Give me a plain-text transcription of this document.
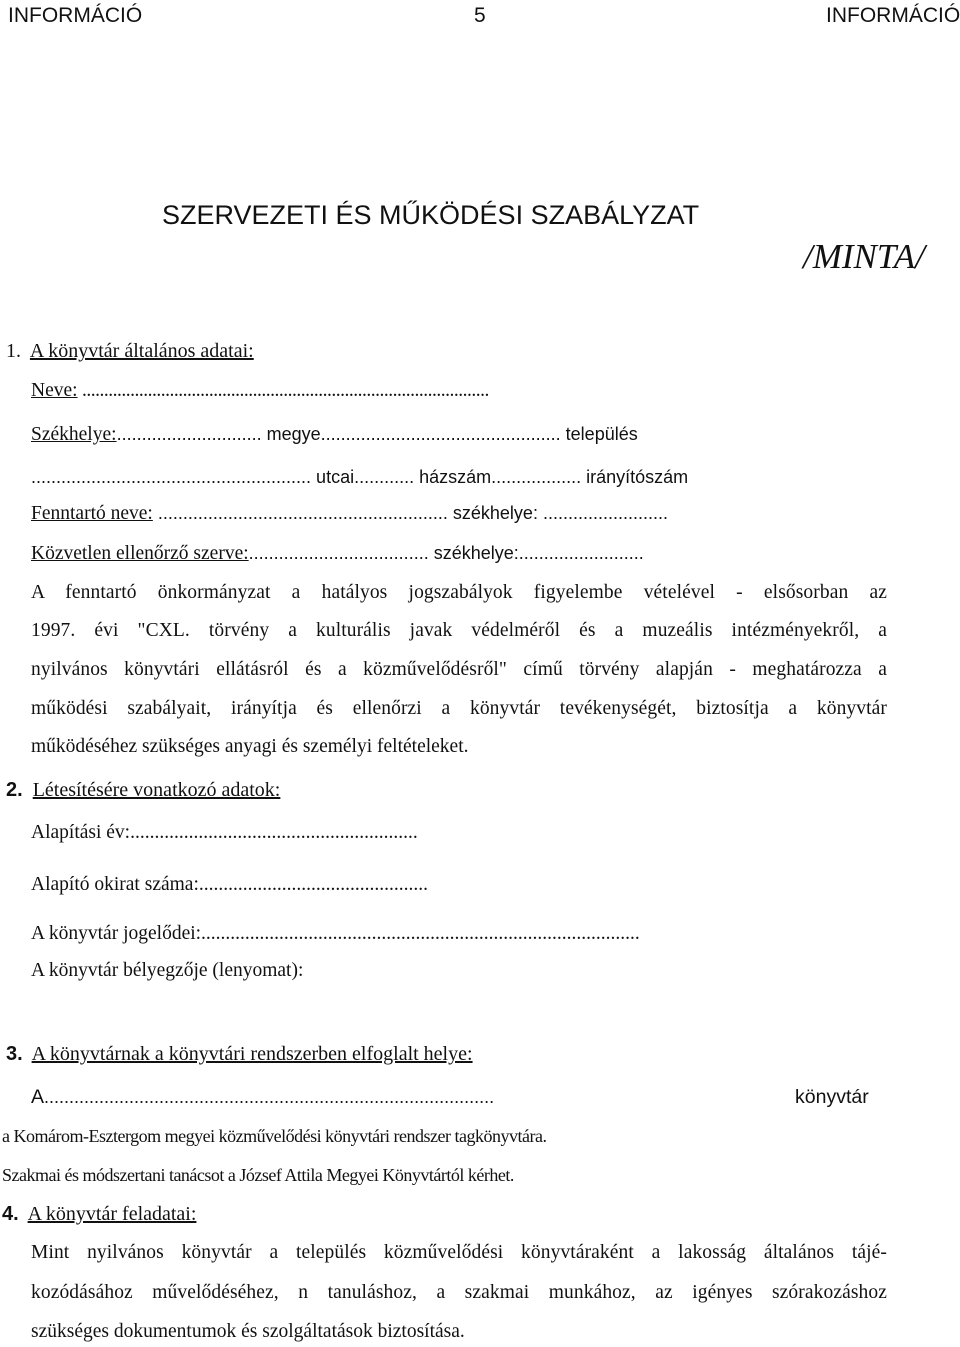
INFORMÁCIÓ	5	INFORMÁCIÓ
SZERVEZETI ÉS MŰKÖDÉSI SZABÁLYZAT
/MINTA/
1. A könyvtár általános adatai:
Neve: .............................................................................................
Székhelye:............................. megye................................................ település
........................................................ utcai............ házszám.................. irányítószám
Fenntartó neve: .......................................................... székhelye: .........................
Közvetlen ellenőrző szerve:.................................... székhelye:.........................
A fenntartó önkormányzat a hatályos jogszabályok figyelembe vételével - elsősorban az
1997. évi "CXL. törvény a kulturális javak védelméről és a muzeális intézményekről, a
nyilvános könyvtári ellátásról és a közművelődésről" című törvény alapján - meghatározza a
működési szabályait, irányítja és ellenőrzi a könyvtár tevékenységét, biztosítja a könyvtár
működéséhez szükséges anyagi és személyi feltételeket.
2. Létesítésére vonatkozó adatok:
Alapítási év:...........................................................
Alapító okirat száma:...............................................
A könyvtár jogelődei:..........................................................................................
A könyvtár bélyegzője (lenyomat):
3. A könyvtárnak a könyvtári rendszerben elfoglalt helye:
A..........................................................................................	könyvtár
a Komárom-Esztergom megyei közművelődési könyvtári rendszer tagkönyvtára.
Szakmai és módszertani tanácsot a József Attila Megyei Könyvtártól kérhet.
4. A könyvtár feladatai:
Mint nyilvános könyvtár a település közművelődési könyvtáraként a lakosság általános tájé-
kozódásához művelődéséhez, n tanuláshoz, a szakmai munkához, az igényes szórakozáshoz
szükséges dokumentumok és szolgáltatások biztosítása.
